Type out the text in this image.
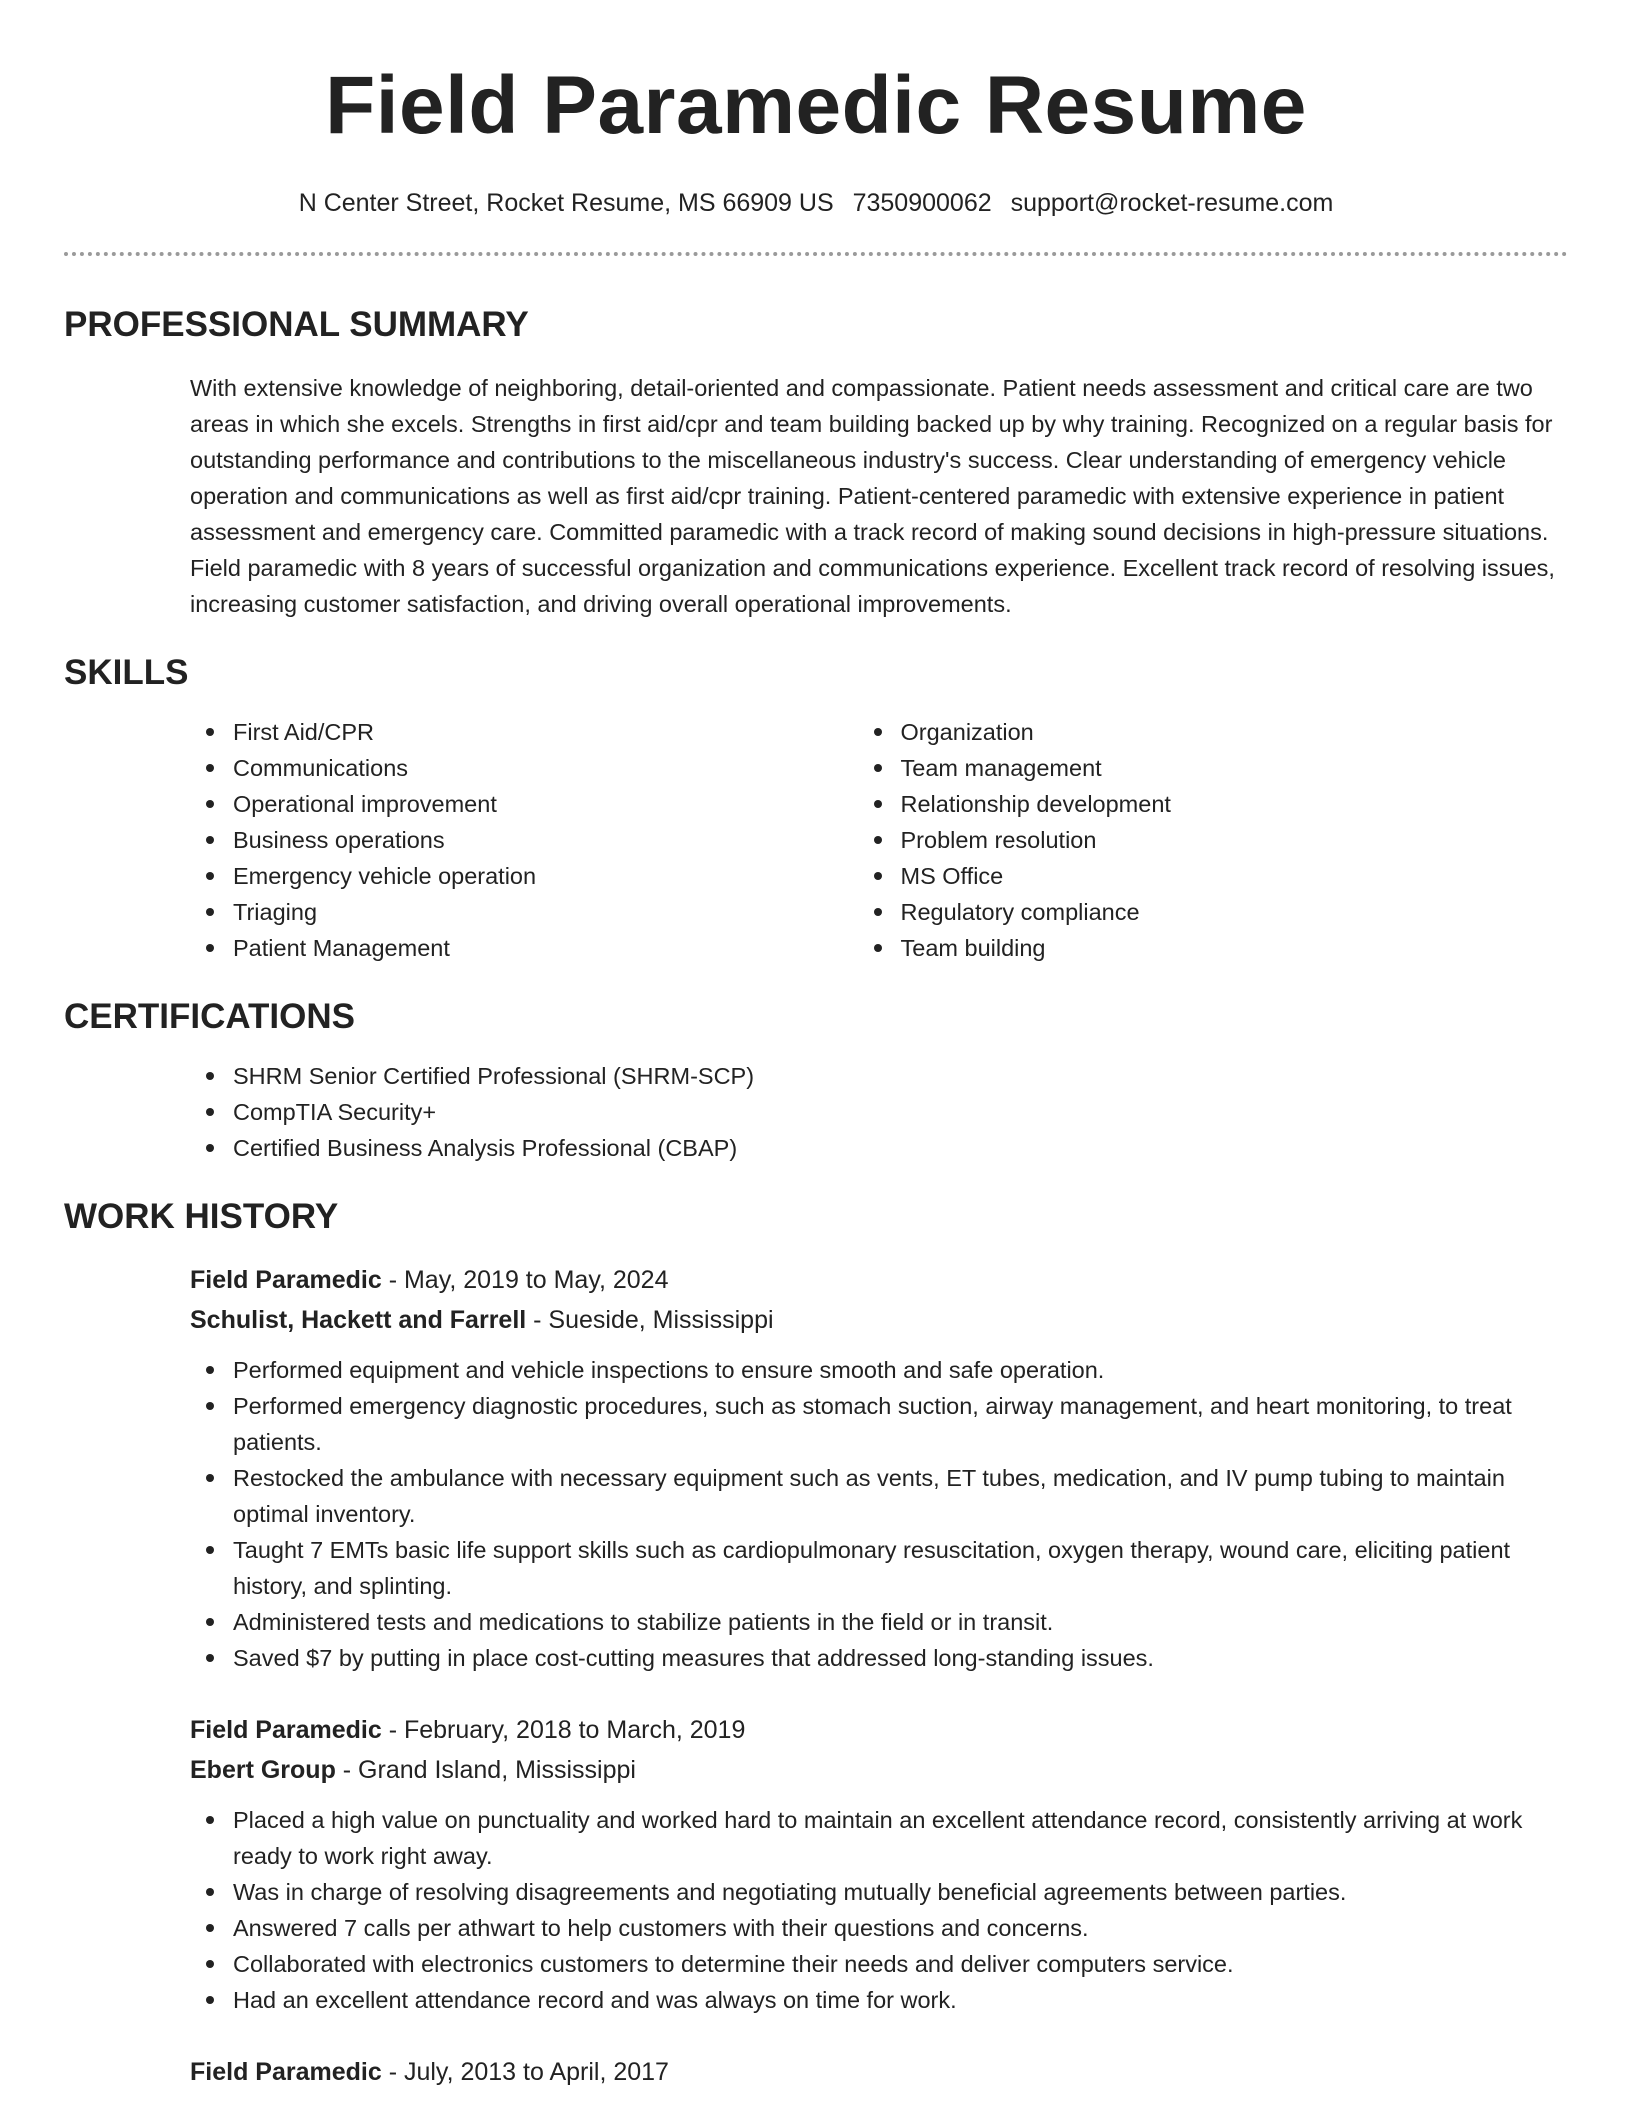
Field Paramedic Resume
N Center Street, Rocket Resume, MS 66909 US 7350900062 support@rocket-resume.com
PROFESSIONAL SUMMARY

With extensive knowledge of neighboring, detail-oriented and compassionate. Patient needs assessment and critical care are two areas in which she excels. Strengths in first aid/cpr and team building backed up by why training. Recognized on a regular basis for outstanding performance and contributions to the miscellaneous industry's success. Clear understanding of emergency vehicle operation and communications as well as first aid/cpr training. Patient-centered paramedic with extensive experience in patient assessment and emergency care. Committed paramedic with a track record of making sound decisions in high-pressure situations. Field paramedic with 8 years of successful organization and communications experience. Excellent track record of resolving issues, increasing customer satisfaction, and driving overall operational improvements.

SKILLS
First Aid/CPR
Communications
Operational improvement
Business operations
Emergency vehicle operation
Triaging
Patient Management
Organization
Team management
Relationship development
Problem resolution
MS Office
Regulatory compliance
Team building
CERTIFICATIONS
SHRM Senior Certified Professional (SHRM-SCP)
CompTIA Security+
Certified Business Analysis Professional (CBAP)
WORK HISTORY
Field Paramedic - May, 2019 to May, 2024
Schulist, Hackett and Farrell - Sueside, Mississippi
Performed equipment and vehicle inspections to ensure smooth and safe operation.
Performed emergency diagnostic procedures, such as stomach suction, airway management, and heart monitoring, to treat patients.
Restocked the ambulance with necessary equipment such as vents, ET tubes, medication, and IV pump tubing to maintain optimal inventory.
Taught 7 EMTs basic life support skills such as cardiopulmonary resuscitation, oxygen therapy, wound care, eliciting patient history, and splinting.
Administered tests and medications to stabilize patients in the field or in transit.
Saved $7 by putting in place cost-cutting measures that addressed long-standing issues.
Field Paramedic - February, 2018 to March, 2019
Ebert Group - Grand Island, Mississippi
Placed a high value on punctuality and worked hard to maintain an excellent attendance record, consistently arriving at work ready to work right away.
Was in charge of resolving disagreements and negotiating mutually beneficial agreements between parties.
Answered 7 calls per athwart to help customers with their questions and concerns.
Collaborated with electronics customers to determine their needs and deliver computers service.
Had an excellent attendance record and was always on time for work.
Field Paramedic - July, 2013 to April, 2017
